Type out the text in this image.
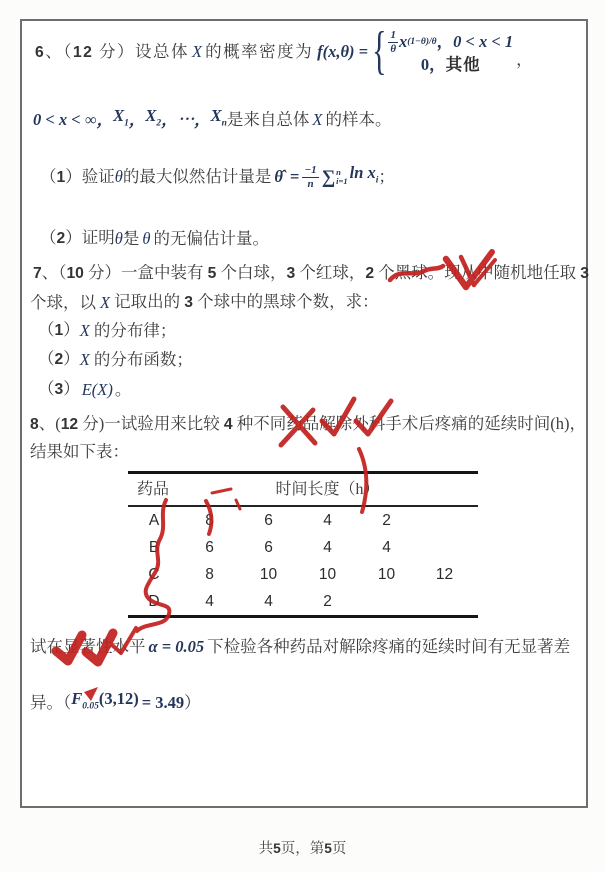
6、（12 分）设总体 X 的概率密度为 f(x,θ) = { $\frac{1}{\theta}$ x (1−θ)/θ ， 0 < x < 1
0， 其他 ，
0 < x < ∞， $X_1$ ， $X_2$ ，⋯， $X_n$ 是来自总体 X 的样本。
（1）验证 θ 的最大似然估计量是 θ̂ = $\frac{-1}{n}$ ∑ n
i=1 $\ln x_i$ ；
（2）证明 θ̂ 是 θ 的无偏估计量。
7、（10 分）一盒中装有 5 个白球，3 个红球，2 个黑球。现从中随机地任取 3
个球，以 X 记取出的 3 个球中的黑球个数，求：
（1） X 的分布律；
（2） X 的分布函数；
（3） E(X) 。
8、(12 分)一试验用来比较 4 种不同药品解除外科手术后疼痛的延续时间(h)，
结果如下表：
药品	时间长度（h）
A	8	6	4	2
B	6	6	4	4
C	8	10	10	10	12
D	4	4	2
试在显著性水平 α = 0.05 下检验各种药品对解除疼痛的延续时间有无显著差
异。（ $F_{0.05}(3,12) = 3.49$ ）
共5页，第5页
